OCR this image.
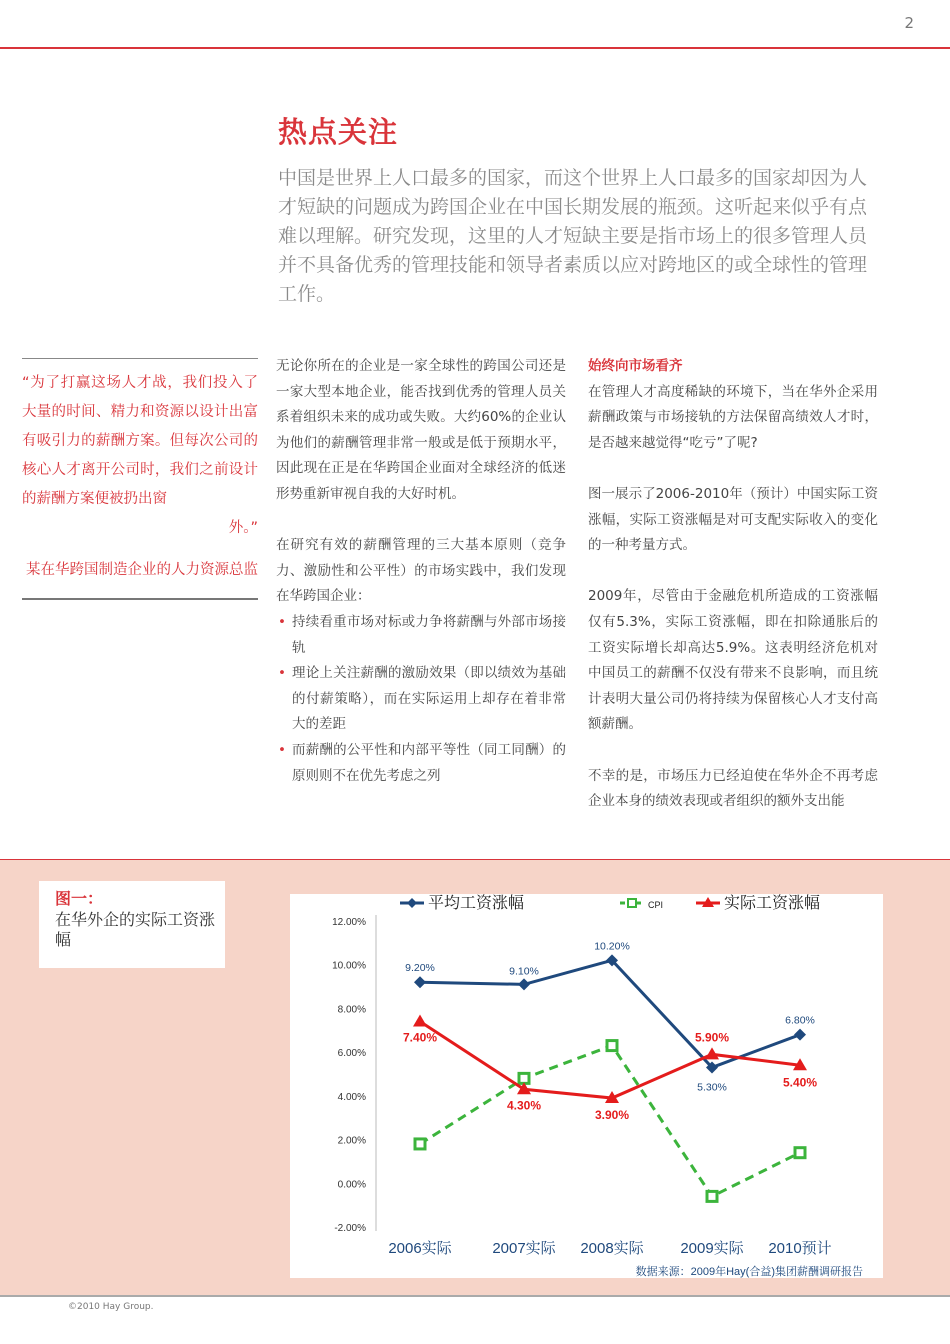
2
热点关注

中国是世界上人口最多的国家，而这个世界上人口最多的国家却因为人才短缺的问题成为跨国企业在中国长期发展的瓶颈。这听起来似乎有点难以理解。研究发现，这里的人才短缺主要是指市场上的很多管理人员并不具备优秀的管理技能和领导者素质以应对跨地区的或全球性的管理工作。

“为了打赢这场人才战，我们投入了大量的时间、精力和资源以设计出富有吸引力的薪酬方案。但每次公司的核心人才离开公司时，我们之前设计的薪酬方案便被扔出窗

外。”

某在华跨国制造企业的人力资源总监

无论你所在的企业是一家全球性的跨国公司还是一家大型本地企业，能否找到优秀的管理人员关系着组织未来的成功或失败。大约60%的企业认为他们的薪酬管理非常一般或是低于预期水平，因此现在正是在华跨国企业面对全球经济的低迷形势重新审视自我的大好时机。

在研究有效的薪酬管理的三大基本原则（竞争力、激励性和公平性）的市场实践中，我们发现在华跨国企业：

• 持续看重市场对标或力争将薪酬与外部市场接轨
• 理论上关注薪酬的激励效果（即以绩效为基础的付薪策略），而在实际运用上却存在着非常大的差距
• 而薪酬的公平性和内部平等性（同工同酬）的原则则不在优先考虑之列

始终向市场看齐

在管理人才高度稀缺的环境下，当在华外企采用薪酬政策与市场接轨的方法保留高绩效人才时，是否越来越觉得“吃亏”了呢?

图一展示了2006-2010年（预计）中国实际工资涨幅，实际工资涨幅是对可支配实际收入的变化的一种考量方式。

2009年，尽管由于金融危机所造成的工资涨幅仅有5.3%，实际工资涨幅，即在扣除通胀后的工资实际增长却高达5.9%。这表明经济危机对中国员工的薪酬不仅没有带来不良影响，而且统计表明大量公司仍将持续为保留核心人才支付高额薪酬。

不幸的是，市场压力已经迫使在华外企不再考虑企业本身的绩效表现或者组织的额外支出能

图一：
在华外企的实际工资涨幅
12.00%
10.00%
8.00%
6.00%
4.00%
2.00%
0.00%
-2.00%
2006实际	2007实际 2008实际 2009实际 2010预计
9.20%	9.10%
10.20%
5.30%
6.80%
7.40%
4.30%
3.90%
5.90%
5.40%
平均工资涨幅	CPI	实际工资涨幅
数据来源：2009年Hay(合益)集团薪酬调研报告
©2010 Hay Group.
